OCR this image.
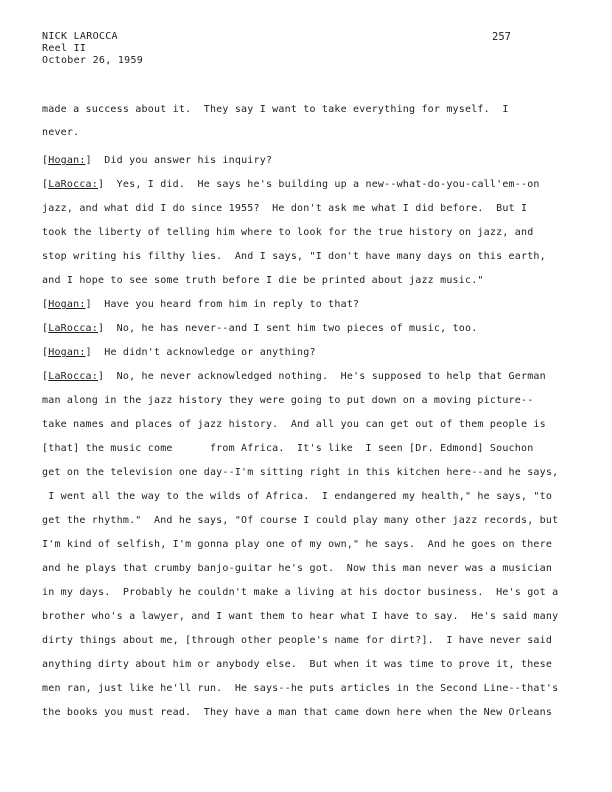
NICK LAROCCA
Reel II
October 26, 1959
257
made a success about it.  They say I want to take everything for myself.  I
never.
[Hogan:]  Did you answer his inquiry?
[LaRocca:]  Yes, I did.  He says he's building up a new--what-do-you-call'em--on
jazz, and what did I do since 1955?  He don't ask me what I did before.  But I
took the liberty of telling him where to look for the true history on jazz, and
stop writing his filthy lies.  And I says, "I don't have many days on this earth,
and I hope to see some truth before I die be printed about jazz music."
[Hogan:]  Have you heard from him in reply to that?
[LaRocca:]  No, he has never--and I sent him two pieces of music, too.
[Hogan:]  He didn't acknowledge or anything?
[LaRocca:]  No, he never acknowledged nothing.  He's supposed to help that German
man along in the jazz history they were going to put down on a moving picture--
take names and places of jazz history.  And all you can get out of them people is
[that] the music come      from Africa.  It's like  I seen [Dr. Edmond] Souchon
get on the television one day--I'm sitting right in this kitchen here--and he says,
I went all the way to the wilds of Africa.  I endangered my health," he says, "to
get the rhythm."  And he says, "Of course I could play many other jazz records, but
I'm kind of selfish, I'm gonna play one of my own," he says.  And he goes on there
and he plays that crumby banjo-guitar he's got.  Now this man never was a musician
in my days.  Probably he couldn't make a living at his doctor business.  He's got a
brother who's a lawyer, and I want them to hear what I have to say.  He's said many
dirty things about me, [through other people's name for dirt?].  I have never said
anything dirty about him or anybody else.  But when it was time to prove it, these
men ran, just like he'll run.  He says--he puts articles in the Second Line--that's
the books you must read.  They have a man that came down here when the New Orleans
